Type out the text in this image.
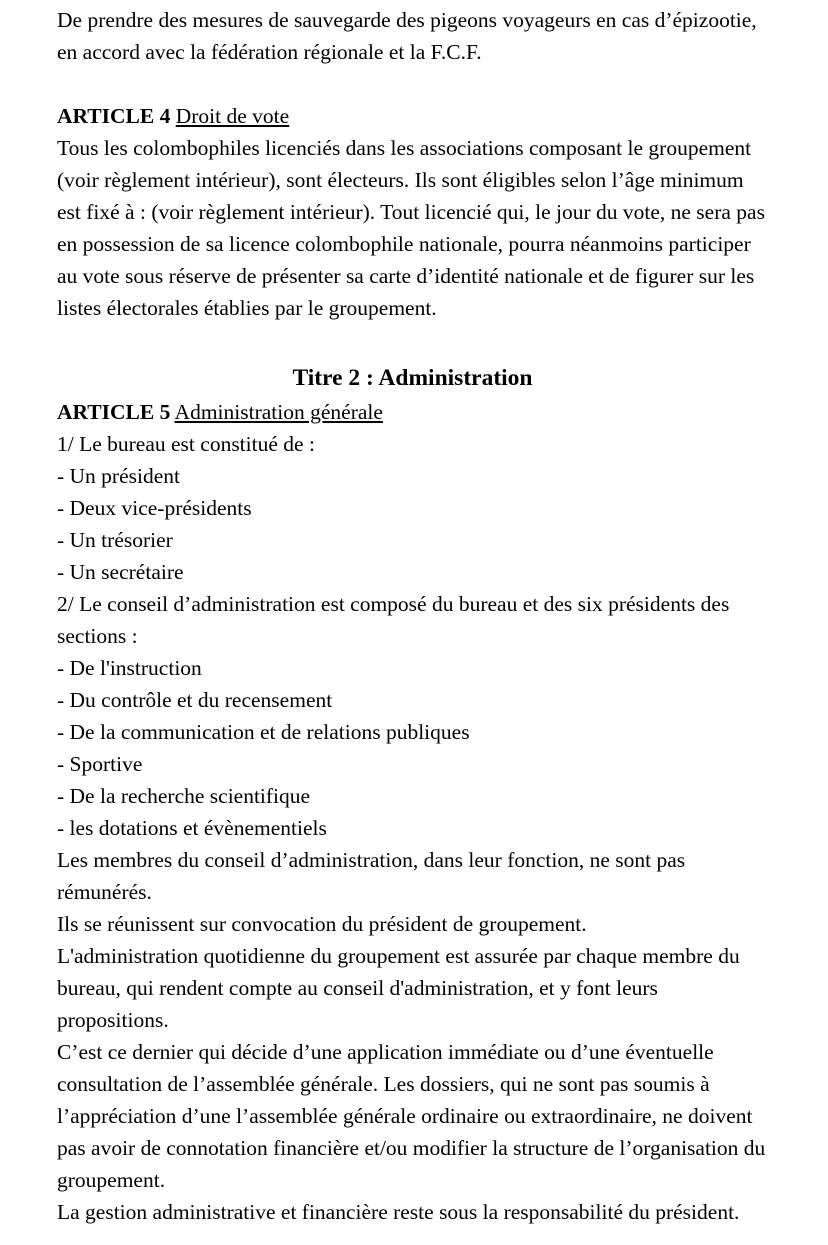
De prendre des mesures de sauvegarde des pigeons voyageurs en cas d’épizootie, en accord avec la fédération régionale et la F.C.F.

ARTICLE 4 Droit de vote

Tous les colombophiles licenciés dans les associations composant le groupement (voir règlement intérieur), sont électeurs. Ils sont éligibles selon l’âge minimum est fixé à : (voir règlement intérieur). Tout licencié qui, le jour du vote, ne sera pas en possession de sa licence colombophile nationale, pourra néanmoins participer au vote sous réserve de présenter sa carte d’identité nationale et de figurer sur les listes électorales établies par le groupement.

Titre 2 : Administration

ARTICLE 5 Administration générale

1/ Le bureau est constitué de :

- Un président

- Deux vice-présidents

- Un trésorier

- Un secrétaire

2/ Le conseil d’administration est composé du bureau et des six présidents des sections :

- De l'instruction

- Du contrôle et du recensement

- De la communication et de relations publiques

- Sportive

- De la recherche scientifique

- les dotations et évènementiels

Les membres du conseil d’administration, dans leur fonction, ne sont pas rémunérés.

Ils se réunissent sur convocation du président de groupement.

L'administration quotidienne du groupement est assurée par chaque membre du bureau, qui rendent compte au conseil d'administration, et y font leurs propositions.

C’est ce dernier qui décide d’une application immédiate ou d’une éventuelle consultation de l’assemblée générale. Les dossiers, qui ne sont pas soumis à l’appréciation d’une l’assemblée générale ordinaire ou extraordinaire, ne doivent pas avoir de connotation financière et/ou modifier la structure de l’organisation du groupement.

La gestion administrative et financière reste sous la responsabilité du président.
